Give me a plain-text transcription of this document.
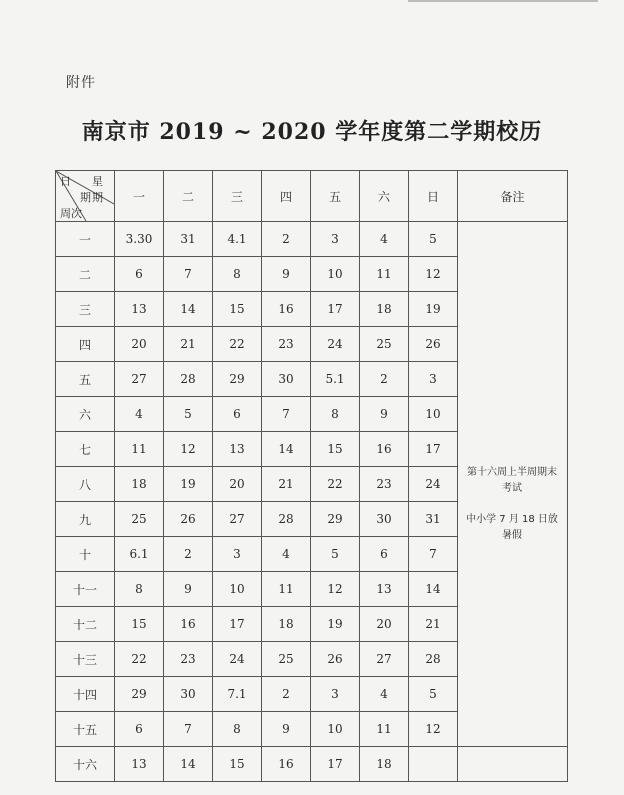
附件
南京市 2019 ~ 2020 学年度第二学期校历
日 星
期
期
周次	一	二	三	四	五	六	日	备注
一	3.30	31	4.1	2	3	4	5	第十六周上半周期末考试
中小学 7 月 18 日放暑假

二	6	7	8	9	10	11	12	
三	13	14	15	16	17	18	19	
四	20	21	22	23	24	25	26	
五	27	28	29	30	5.1	2	3	
六	4	5	6	7	8	9	10	
七	11	12	13	14	15	16	17	
八	18	19	20	21	22	23	24	
九	25	26	27	28	29	30	31	
十	6.1	2	3	4	5	6	7	
十一	8	9	10	11	12	13	14	
十二	15	16	17	18	19	20	21	
十三	22	23	24	25	26	27	28	
十四	29	30	7.1	2	3	4	5	
十五	6	7	8	9	10	11	12	
十六	13	14	15	16	17	18		
